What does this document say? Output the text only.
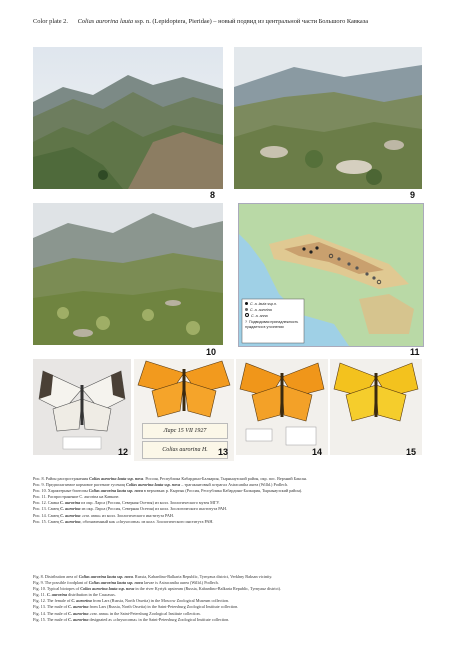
Color plate 2. Colias aurorina lauta ssp. n. (Lepidoptera, Pieridae) – новый подвид из центральной части Большого Кавказа
8	9
10
C. a. lauta ssp.n.
C. a. aurorina
C. a. anna
? Подвидовая принадлежность нуждается в уточнении
11
12
Ларс 15 VII 1927
Colias aurorina H.	13	14	15

Рис. 8. Район распространения Colias aurorina lauta ssp. nova. Россия, Республика Кабардино-Балкария, Тырныаузский район, окр. пос. Верхний Баксан.

Рис. 9. Предполагаемое кормовое растение гусениц Colias aurorina lauta ssp. nova – трагакантовый астрагал Astracantha aurea (Willd.) Podlech.

Рис. 10. Характерные биотопы Colias aurorina lauta ssp. nova в верховьях р. Кыртык (Россия, Республика Кабардино-Балкария, Тырныаузский район).

Рис. 11. Распространение C. aurorina на Кавказе.

Рис. 12. Самка C. aurorina из окр. Ларса (Россия, Северная Осетия) из колл. Зоологического музея МГУ.

Рис. 13. Самец C. aurorina из окр. Ларса (Россия, Северная Осетия) из колл. Зоологического института РАН.

Рис. 14. Самец C. aurorina «var. anna» из колл. Зоологического института РАН.

Рис. 15. Самец C. aurorina, обозначенный как «chrysocoma» из колл. Зоологического института РАН.

Fig. 8. Distribution area of Colias aurorina lauta ssp. nova. Russia, Kabardino-Balkaria Republic, Tyrnyauz district, Verkhny Baksan vicinity.

Fig. 9. The possible foodplant of Colias aurorina lauta ssp. nova larvae is Astracantha aurea (Willd.) Podlech.

Fig. 10. Typical biotopes of Colias aurorina lauta ssp. nova in the river Kyrtyk upstream (Russia, Kabardino-Balkaria Republic, Tyrnyauz district).

Fig. 11. C. aurorina distribution in the Caucasus.

Fig. 12. The female of C. aurorina from Lars (Russia, North Ossetia) in the Moscow Zoological Museum collection.

Fig. 13. The male of C. aurorina from Lars (Russia, North Ossetia) in the Saint-Petersburg Zoological Institute collection.

Fig. 14. The male of C. aurorina «var. anna» in the Saint-Petersburg Zoological Institute collection.

Fig. 15. The male of C. aurorina designated as «chrysocoma» in the Saint-Petersburg Zoological Institute collection.
